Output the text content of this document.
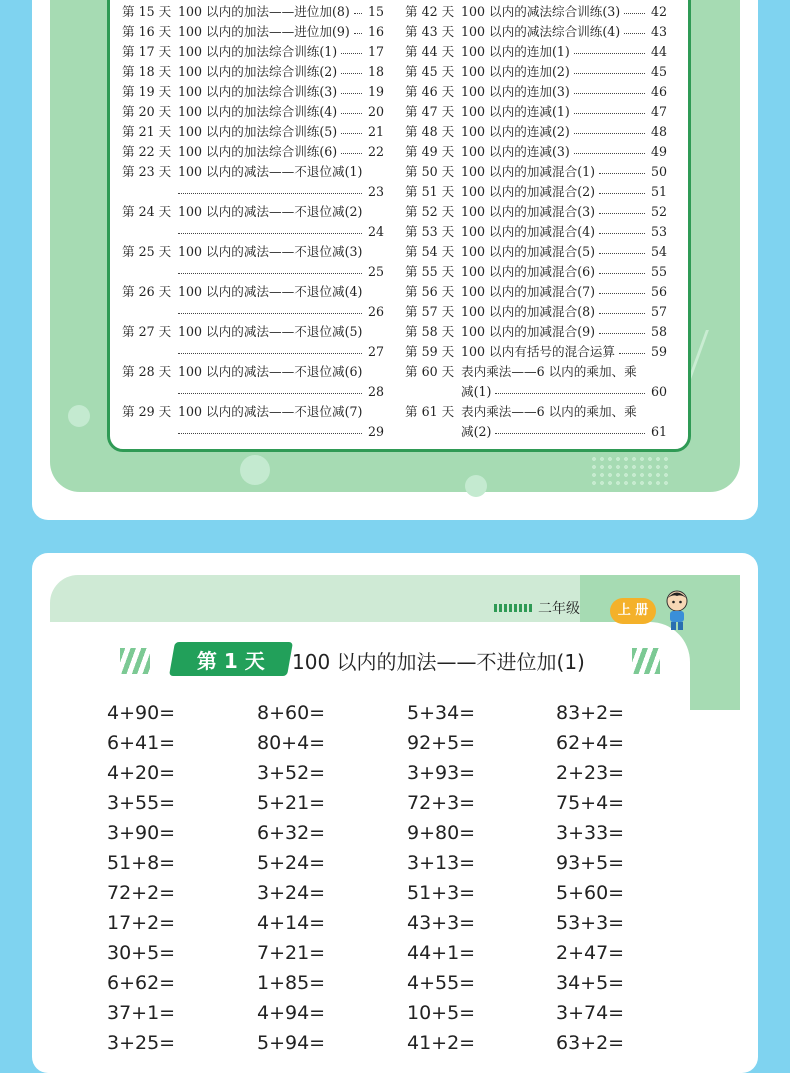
第 15 天 100 以内的加法——进位加(8) 15
第 16 天 100 以内的加法——进位加(9) 16
第 17 天 100 以内的加法综合训练(1) 17
第 18 天 100 以内的加法综合训练(2) 18
第 19 天 100 以内的加法综合训练(3) 19
第 20 天 100 以内的加法综合训练(4) 20
第 21 天 100 以内的加法综合训练(5) 21
第 22 天 100 以内的加法综合训练(6) 22
第 23 天 100 以内的减法——不退位减(1)
23
第 24 天 100 以内的减法——不退位减(2)
24
第 25 天 100 以内的减法——不退位减(3)
25
第 26 天 100 以内的减法——不退位减(4)
26
第 27 天 100 以内的减法——不退位减(5)
27
第 28 天 100 以内的减法——不退位减(6)
28
第 29 天 100 以内的减法——不退位减(7)
29
第 42 天 100 以内的减法综合训练(3) 42
第 43 天 100 以内的减法综合训练(4) 43
第 44 天 100 以内的连加(1)	44
第 45 天 100 以内的连加(2)	45
第 46 天 100 以内的连加(3)	46
第 47 天 100 以内的连减(1)	47
第 48 天 100 以内的连减(2)	48
第 49 天 100 以内的连减(3)	49
第 50 天 100 以内的加减混合(1)	50
第 51 天 100 以内的加减混合(2)	51
第 52 天 100 以内的加减混合(3)	52
第 53 天 100 以内的加减混合(4)	53
第 54 天 100 以内的加减混合(5)	54
第 55 天 100 以内的加减混合(6)	55
第 56 天 100 以内的加减混合(7)	56
第 57 天 100 以内的加减混合(8)	57
第 58 天 100 以内的加减混合(9)	58
第 59 天 100 以内有括号的混合运算	59
第 60 天 表内乘法——6 以内的乘加、乘
减(1)	60
第 61 天 表内乘法——6 以内的乘加、乘
减(2)	61
二年级	上 册
第 1 天 100 以内的加法——不进位加(1)
4+90=	8+60=	5+34=	83+2=
6+41=	80+4=	92+5=	62+4=
4+20=	3+52=	3+93=	2+23=
3+55=	5+21=	72+3=	75+4=
3+90=	6+32=	9+80=	3+33=
51+8=	5+24=	3+13=	93+5=
72+2=	3+24=	51+3=	5+60=
17+2=	4+14=	43+3=	53+3=
30+5=	7+21=	44+1=	2+47=
6+62=	1+85=	4+55=	34+5=
37+1=	4+94=	10+5=	3+74=
3+25=	5+94=	41+2=	63+2=
